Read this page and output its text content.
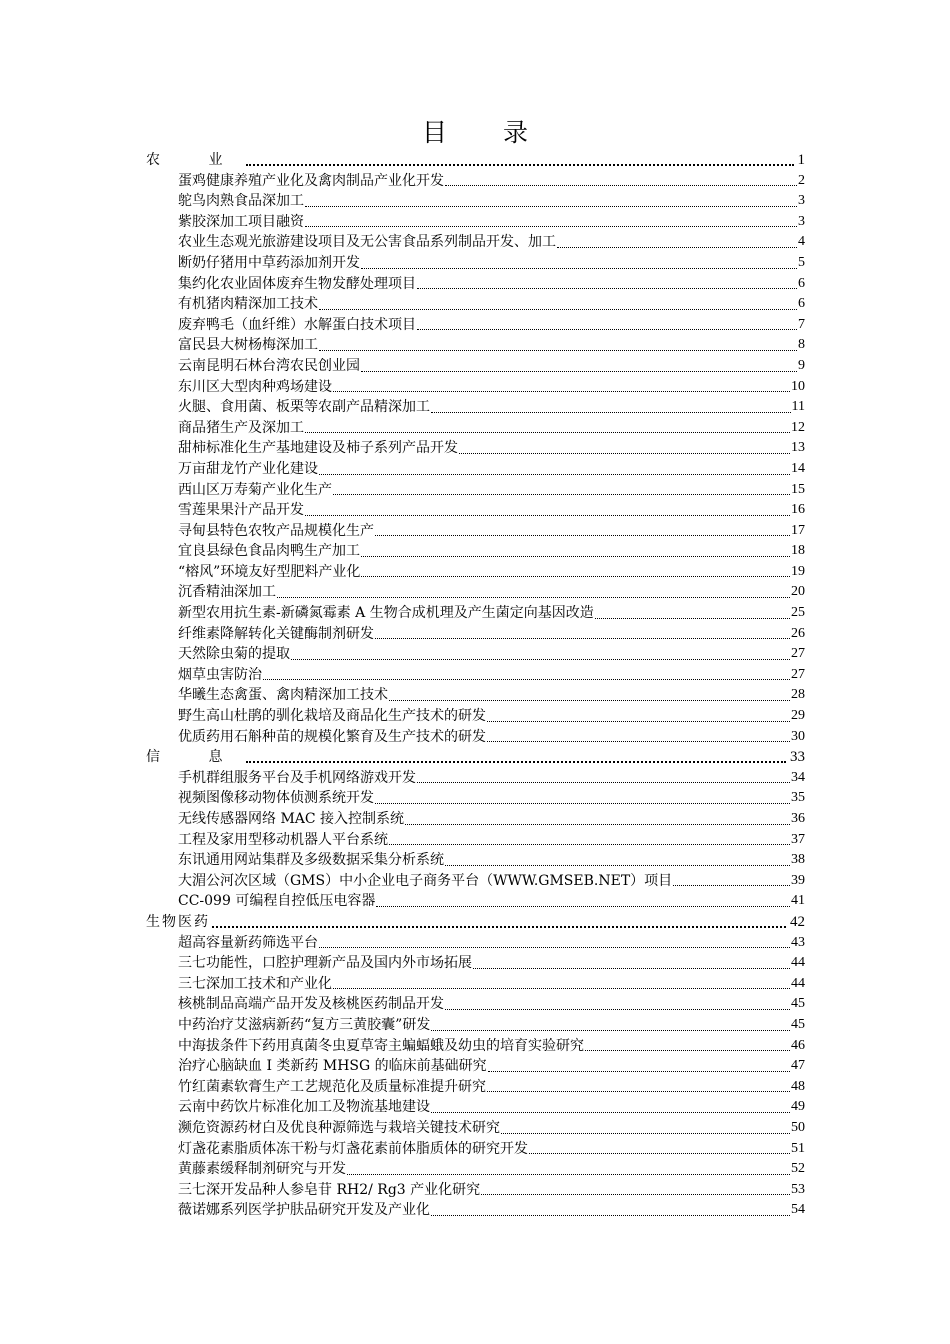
目 录
农 业	1
蛋鸡健康养殖产业化及禽肉制品产业化开发	2
鸵鸟肉熟食品深加工	3
紫胶深加工项目融资	3
农业生态观光旅游建设项目及无公害食品系列制品开发、加工	4
断奶仔猪用中草药添加剂开发	5
集约化农业固体废弃生物发酵处理项目	6
有机猪肉精深加工技术	6
废弃鸭毛（血纤维）水解蛋白技术项目	7
富民县大树杨梅深加工	8
云南昆明石林台湾农民创业园	9
东川区大型肉种鸡场建设	10
火腿、食用菌、板栗等农副产品精深加工	11
商品猪生产及深加工	12
甜柿标准化生产基地建设及柿子系列产品开发	13
万亩甜龙竹产业化建设	14
西山区万寿菊产业化生产	15
雪莲果果汁产品开发	16
寻甸县特色农牧产品规模化生产	17
宜良县绿色食品肉鸭生产加工	18
“榕风”环境友好型肥料产业化	19
沉香精油深加工	20
新型农用抗生素-新磷氮霉素 A 生物合成机理及产生菌定向基因改造	25
纤维素降解转化关键酶制剂研发	26
天然除虫菊的提取	27
烟草虫害防治	27
华曦生态禽蛋、禽肉精深加工技术	28
野生高山杜鹃的驯化栽培及商品化生产技术的研发	29
优质药用石斛种苗的规模化繁育及生产技术的研发	30
信 息	33
手机群组服务平台及手机网络游戏开发	34
视频图像移动物体侦测系统开发	35
无线传感器网络 MAC 接入控制系统	36
工程及家用型移动机器人平台系统	37
东讯通用网站集群及多级数据采集分析系统	38
大湄公河次区域（GMS）中小企业电子商务平台（WWW.GMSEB.NET）项目	39
CC-099 可编程自控低压电容器	41
生物医药	42
超高容量新药筛选平台	43
三七功能性，口腔护理新产品及国内外市场拓展	44
三七深加工技术和产业化	44
核桃制品高端产品开发及核桃医药制品开发	45
中药治疗艾滋病新药“复方三黄胶囊”研发	45
中海拔条件下药用真菌冬虫夏草寄主蝙蝠蛾及幼虫的培育实验研究	46
治疗心脑缺血 I 类新药 MHSG 的临床前基础研究	47
竹红菌素软膏生产工艺规范化及质量标准提升研究	48
云南中药饮片标准化加工及物流基地建设	49
濒危资源药材白及优良种源筛选与栽培关键技术研究	50
灯盏花素脂质体冻干粉与灯盏花素前体脂质体的研究开发	51
黄藤素缓释制剂研究与开发	52
三七深开发品种人参皂苷 RH2/ Rg3 产业化研究	53
薇诺娜系列医学护肤品研究开发及产业化	54
